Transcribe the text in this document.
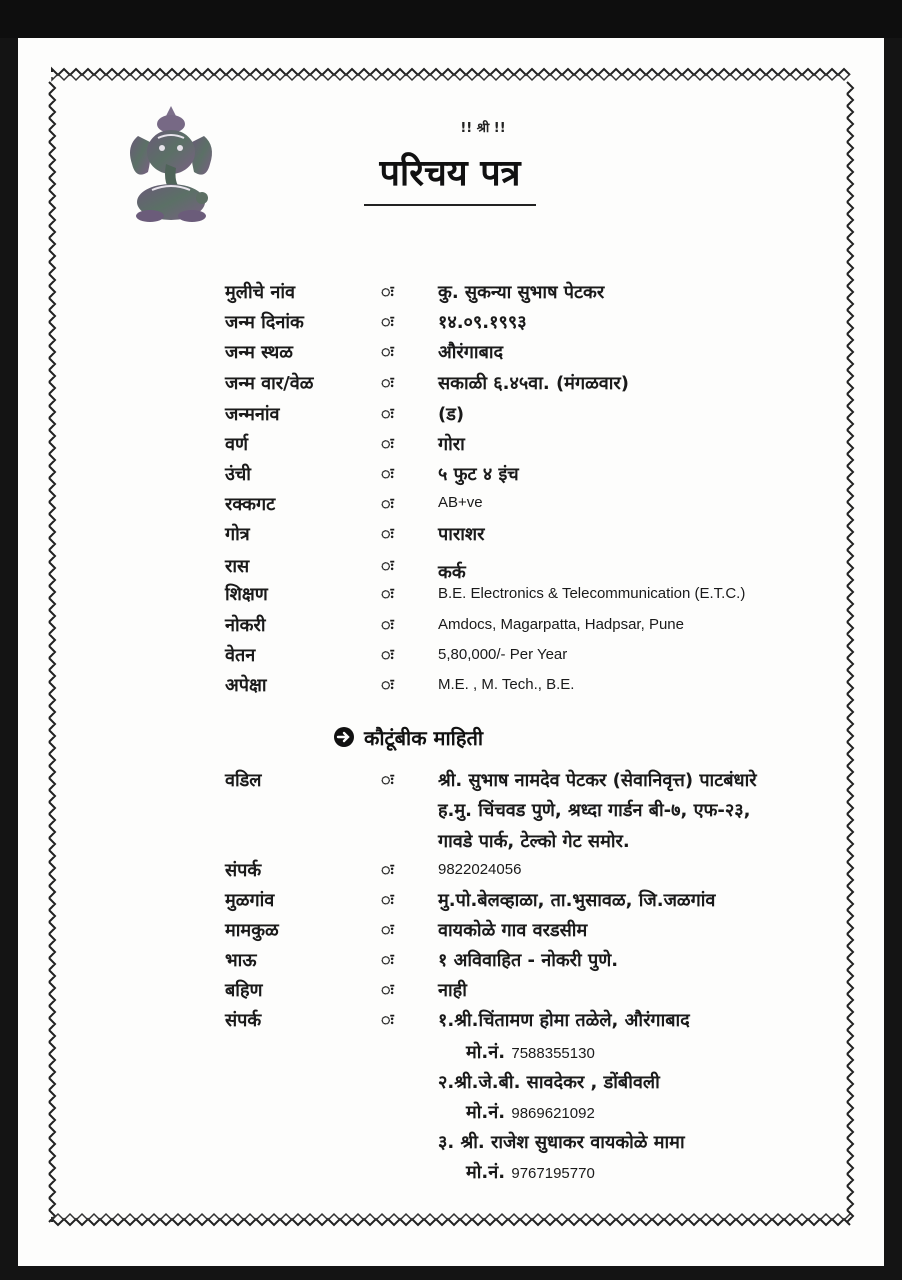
!! श्री !!
परिचय पत्र
मुलीचे नांव	ः कु. सुकन्या सुभाष पेटकर
जन्म दिनांक	ः १४.०९.१९९३
जन्म स्थळ	ः औरंगाबाद
जन्म वार/वेळ	ः सकाळी ६.४५वा. (मंगळवार)
जन्मनांव	ः (ड)
वर्ण	ः गोरा
उंची	ः ५ फुट ४ इंच
रक्कगट	ः	AB+ve
गोत्र	ः पाराशर
रास	ः कर्क
शिक्षण	ः	B.E. Electronics & Telecommunication (E.T.C.)
नोकरी	ः	Amdocs, Magarpatta, Hadpsar, Pune
वेतन	ः	5,80,000/- Per Year
अपेक्षा	ः	M.E. , M. Tech., B.E.
कौटूंबीक माहिती
वडिल	ः श्री. सुभाष नामदेव पेटकर (सेवानिवृत्त) पाटबंधारे
ह.मु. चिंचवड पुणे, श्रध्दा गार्डन बी-७, एफ-२३,
गावडे पार्क, टेल्को गेट समोर.
संपर्क	ः	9822024056
मुळगांव	ः मु.पो.बेलव्हाळा, ता.भुसावळ, जि.जळगांव
मामकुळ	ः वायकोळे गाव वरडसीम
भाऊ	ः १ अविवाहित - नोकरी पुणे.
बहिण	ः नाही
संपर्क	ः १.श्री.चिंतामण होमा तळेले, औरंगाबाद
मो.नं. 7588355130
२.श्री.जे.बी. सावदेकर , डोंबीवली
मो.नं. 9869621092
३. श्री. राजेश सुधाकर वायकोळे मामा
मो.नं. 9767195770
